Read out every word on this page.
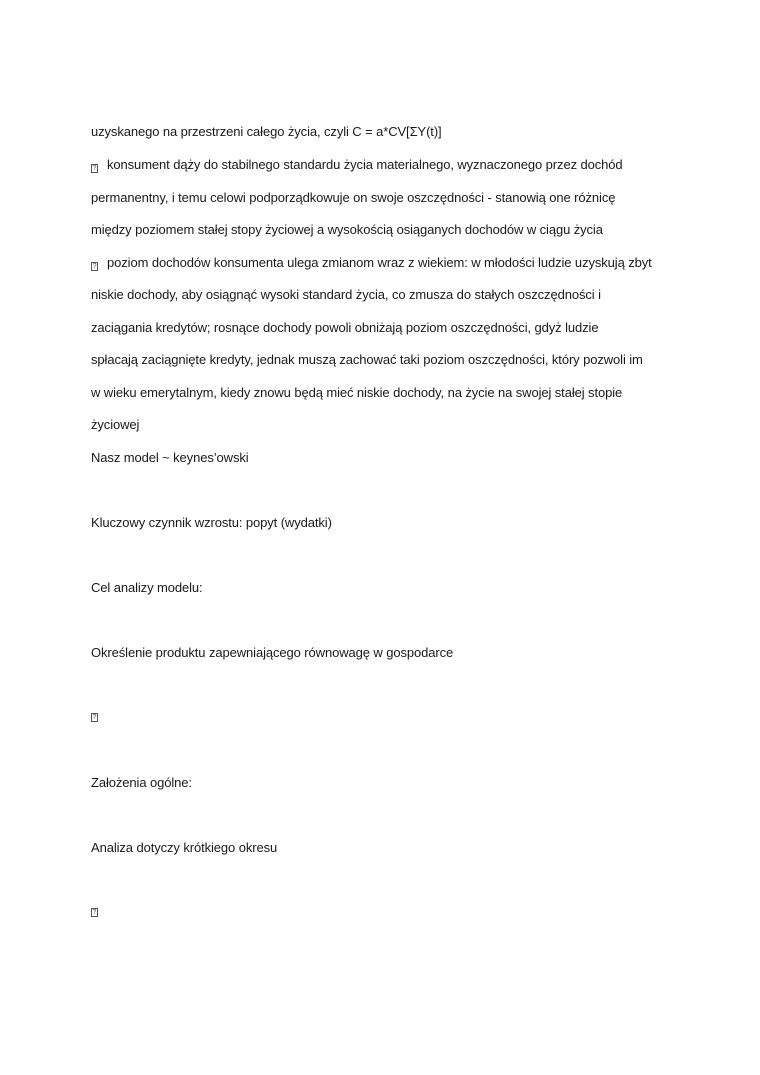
uzyskanego na przestrzeni całego życia, czyli C = a*CV[ΣY(t)]
? konsument dąży do stabilnego standardu życia materialnego, wyznaczonego przez dochód
permanentny, i temu celowi podporządkowuje on swoje oszczędności - stanowią one różnicę
między poziomem stałej stopy życiowej a wysokością osiąganych dochodów w ciągu życia
? poziom dochodów konsumenta ulega zmianom wraz z wiekiem: w młodości ludzie uzyskują zbyt
niskie dochody, aby osiągnąć wysoki standard życia, co zmusza do stałych oszczędności i
zaciągania kredytów; rosnące dochody powoli obniżają poziom oszczędności, gdyż ludzie
spłacają zaciągnięte kredyty, jednak muszą zachować taki poziom oszczędności, który pozwoli im
w wieku emerytalnym, kiedy znowu będą mieć niskie dochody, na życie na swojej stałej stopie
życiowej
Nasz model ~ keynes’owski
Kluczowy czynnik wzrostu: popyt (wydatki)
Cel analizy modelu:
Określenie produktu zapewniającego równowagę w gospodarce
?
Założenia ogólne:
Analiza dotyczy krótkiego okresu
?
